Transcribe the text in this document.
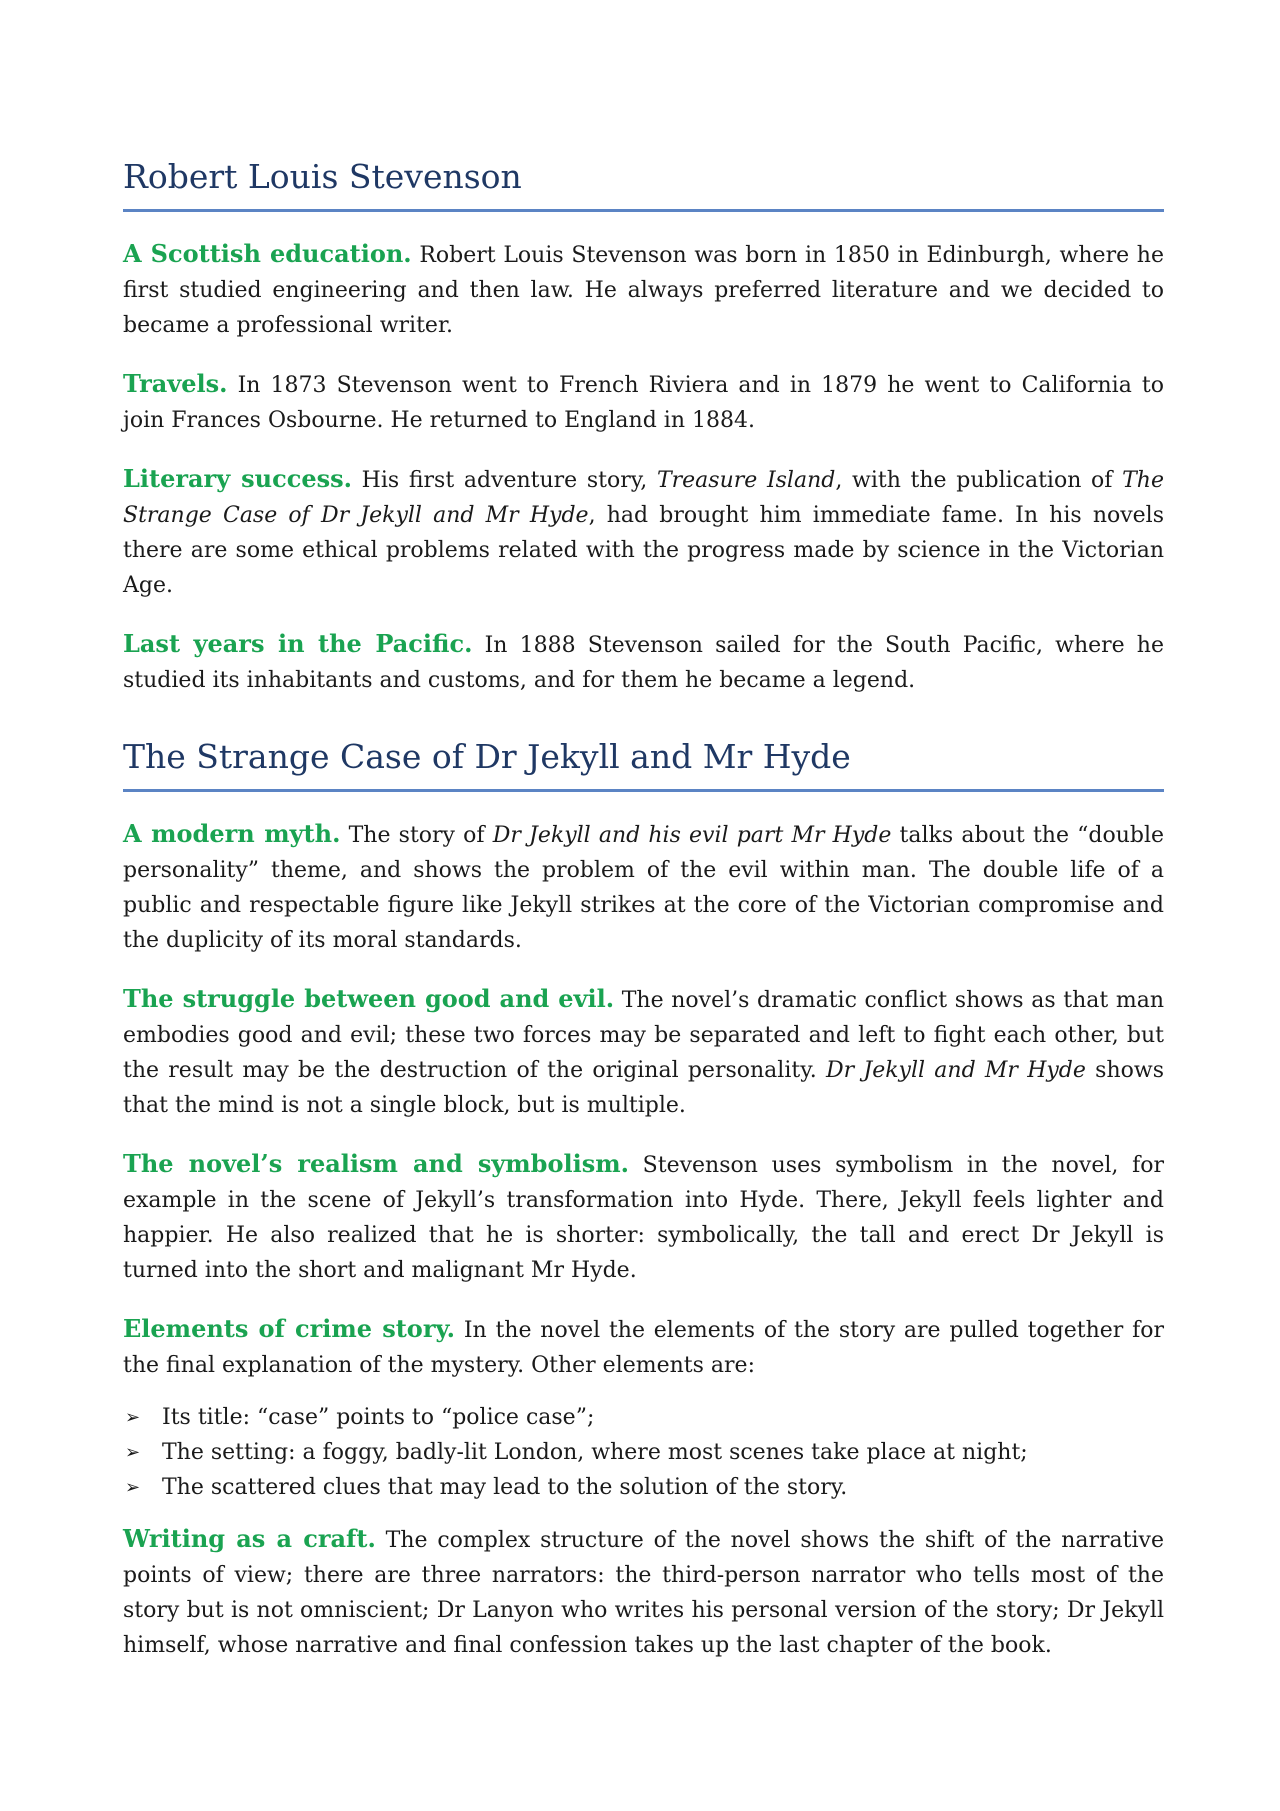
Robert Louis Stevenson

A Scottish education. Robert Louis Stevenson was born in 1850 in Edinburgh, where he first studied engineering and then law. He always preferred literature and we decided to became a professional writer.

Travels. In 1873 Stevenson went to French Riviera and in 1879 he went to California to join Frances Osbourne. He returned to England in 1884.

Literary success. His first adventure story, Treasure Island, with the publication of The Strange Case of Dr Jekyll and Mr Hyde, had brought him immediate fame. In his novels there are some ethical problems related with the progress made by science in the Victorian Age.

Last years in the Pacific. In 1888 Stevenson sailed for the South Pacific, where he studied its inhabitants and customs, and for them he became a legend.

The Strange Case of Dr Jekyll and Mr Hyde

A modern myth. The story of Dr Jekyll and his evil part Mr Hyde talks about the “double personality” theme, and shows the problem of the evil within man. The double life of a public and respectable figure like Jekyll strikes at the core of the Victorian compromise and the duplicity of its moral standards.

The struggle between good and evil. The novel’s dramatic conflict shows as that man embodies good and evil; these two forces may be separated and left to fight each other, but the result may be the destruction of the original personality. Dr Jekyll and Mr Hyde shows that the mind is not a single block, but is multiple.

The novel’s realism and symbolism. Stevenson uses symbolism in the novel, for example in the scene of Jekyll’s transformation into Hyde. There, Jekyll feels lighter and happier. He also realized that he is shorter: symbolically, the tall and erect Dr Jekyll is turned into the short and malignant Mr Hyde.

Elements of crime story. In the novel the elements of the story are pulled together for the final explanation of the mystery. Other elements are:

➢ Its title: “case” points to “police case”;
➢ The setting: a foggy, badly-lit London, where most scenes take place at night;
➢ The scattered clues that may lead to the solution of the story.

Writing as a craft. The complex structure of the novel shows the shift of the narrative points of view; there are three narrators: the third-person narrator who tells most of the story but is not omniscient; Dr Lanyon who writes his personal version of the story; Dr Jekyll himself, whose narrative and final confession takes up the last chapter of the book.
